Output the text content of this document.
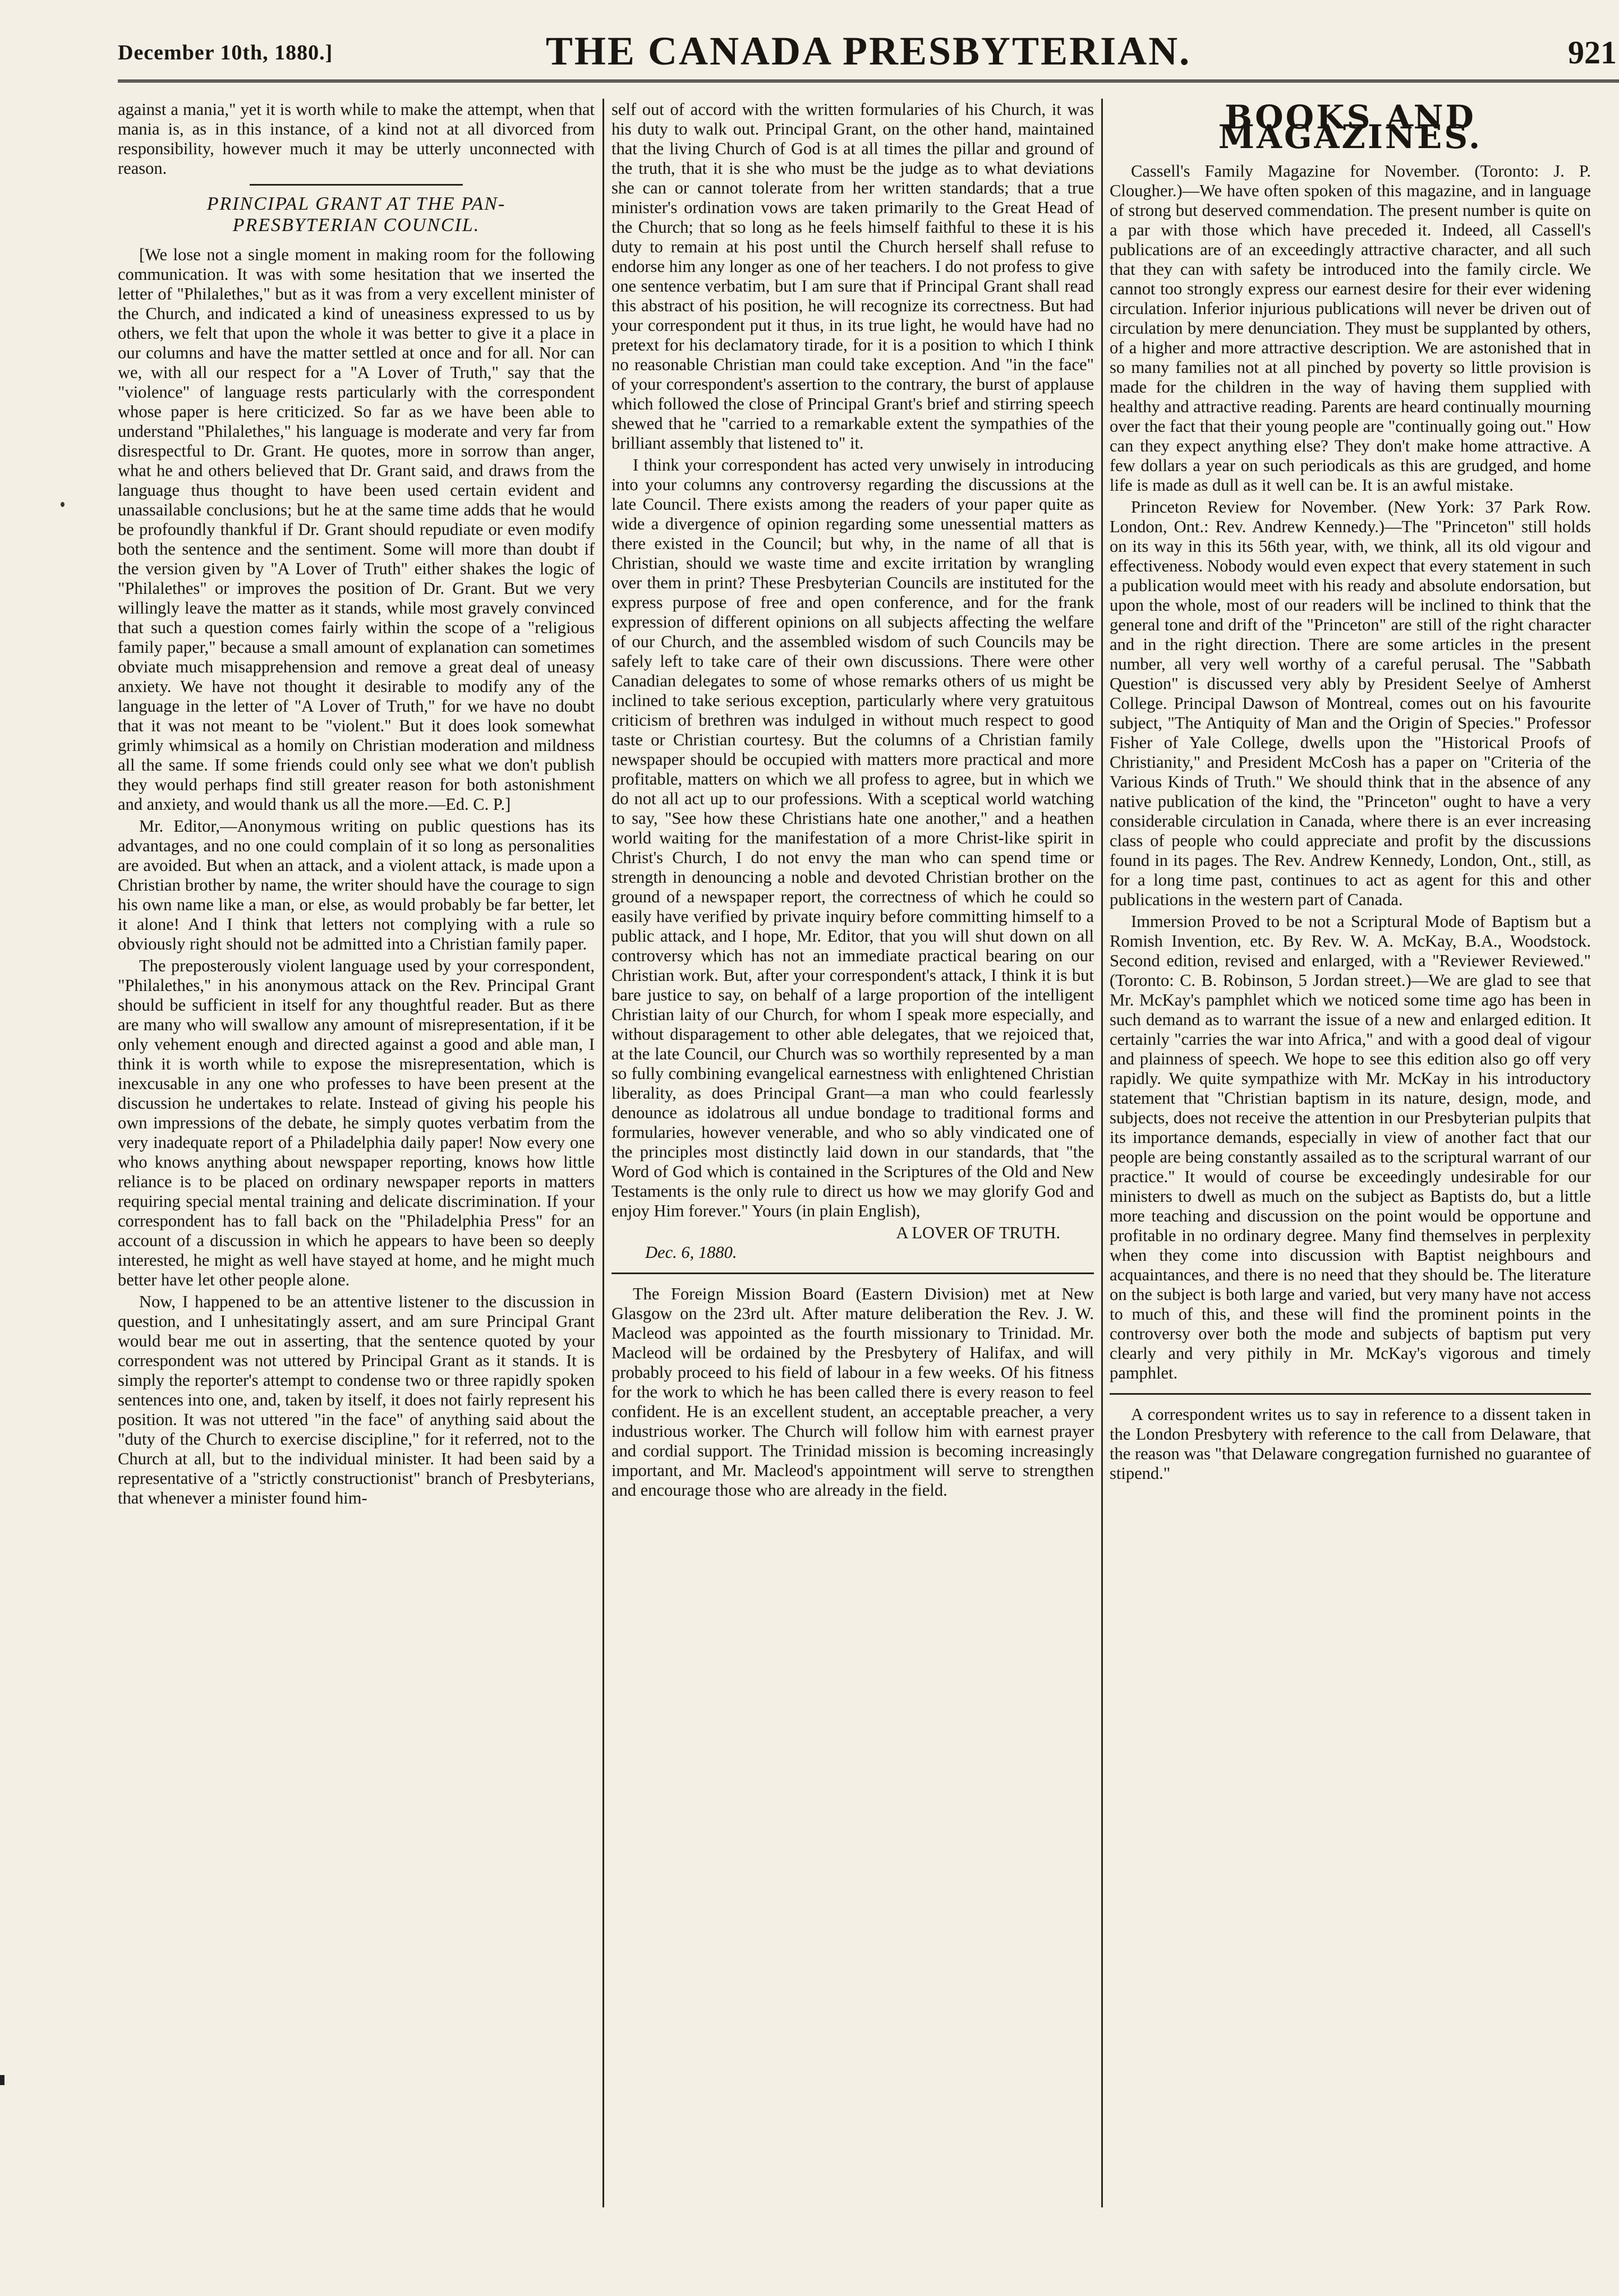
December 10th, 1880.]	THE CANADA PRESBYTERIAN.	921

against a mania," yet it is worth while to make the attempt, when that mania is, as in this instance, of a kind not at all divorced from responsibility, however much it may be utterly unconnected with reason.

PRINCIPAL GRANT AT THE PAN-PRESBYTERIAN COUNCIL.

[We lose not a single moment in making room for the following communication. It was with some hesitation that we inserted the letter of "Philalethes," but as it was from a very excellent minister of the Church, and indicated a kind of uneasiness expressed to us by others, we felt that upon the whole it was better to give it a place in our columns and have the matter settled at once and for all. Nor can we, with all our respect for a "A Lover of Truth," say that the "violence" of language rests particularly with the correspondent whose paper is here criticized. So far as we have been able to understand "Philalethes," his language is moderate and very far from disrespectful to Dr. Grant. He quotes, more in sorrow than anger, what he and others believed that Dr. Grant said, and draws from the language thus thought to have been used certain evident and unassailable conclusions; but he at the same time adds that he would be profoundly thankful if Dr. Grant should repudiate or even modify both the sentence and the sentiment. Some will more than doubt if the version given by "A Lover of Truth" either shakes the logic of "Philalethes" or improves the position of Dr. Grant. But we very willingly leave the matter as it stands, while most gravely convinced that such a question comes fairly within the scope of a "religious family paper," because a small amount of explanation can sometimes obviate much misapprehension and remove a great deal of uneasy anxiety. We have not thought it desirable to modify any of the language in the letter of "A Lover of Truth," for we have no doubt that it was not meant to be "violent." But it does look somewhat grimly whimsical as a homily on Christian moderation and mildness all the same. If some friends could only see what we don't publish they would perhaps find still greater reason for both astonishment and anxiety, and would thank us all the more.—Ed. C. P.]

Mr. Editor,—Anonymous writing on public questions has its advantages, and no one could complain of it so long as personalities are avoided. But when an attack, and a violent attack, is made upon a Christian brother by name, the writer should have the courage to sign his own name like a man, or else, as would probably be far better, let it alone! And I think that letters not complying with a rule so obviously right should not be admitted into a Christian family paper.

The preposterously violent language used by your correspondent, "Philalethes," in his anonymous attack on the Rev. Principal Grant should be sufficient in itself for any thoughtful reader. But as there are many who will swallow any amount of misrepresentation, if it be only vehement enough and directed against a good and able man, I think it is worth while to expose the misrepresentation, which is inexcusable in any one who professes to have been present at the discussion he undertakes to relate. Instead of giving his people his own impressions of the debate, he simply quotes verbatim from the very inadequate report of a Philadelphia daily paper! Now every one who knows anything about newspaper reporting, knows how little reliance is to be placed on ordinary newspaper reports in matters requiring special mental training and delicate discrimination. If your correspondent has to fall back on the "Philadelphia Press" for an account of a discussion in which he appears to have been so deeply interested, he might as well have stayed at home, and he might much better have let other people alone.

Now, I happened to be an attentive listener to the discussion in question, and I unhesitatingly assert, and am sure Principal Grant would bear me out in asserting, that the sentence quoted by your correspondent was not uttered by Principal Grant as it stands. It is simply the reporter's attempt to condense two or three rapidly spoken sentences into one, and, taken by itself, it does not fairly represent his position. It was not uttered "in the face" of anything said about the "duty of the Church to exercise discipline," for it referred, not to the Church at all, but to the individual minister. It had been said by a representative of a "strictly constructionist" branch of Presbyterians, that whenever a minister found him-

self out of accord with the written formularies of his Church, it was his duty to walk out. Principal Grant, on the other hand, maintained that the living Church of God is at all times the pillar and ground of the truth, that it is she who must be the judge as to what deviations she can or cannot tolerate from her written standards; that a true minister's ordination vows are taken primarily to the Great Head of the Church; that so long as he feels himself faithful to these it is his duty to remain at his post until the Church herself shall refuse to endorse him any longer as one of her teachers. I do not profess to give one sentence verbatim, but I am sure that if Principal Grant shall read this abstract of his position, he will recognize its correctness. But had your correspondent put it thus, in its true light, he would have had no pretext for his declamatory tirade, for it is a position to which I think no reasonable Christian man could take exception. And "in the face" of your correspondent's assertion to the contrary, the burst of applause which followed the close of Principal Grant's brief and stirring speech shewed that he "carried to a remarkable extent the sympathies of the brilliant assembly that listened to" it.

I think your correspondent has acted very unwisely in introducing into your columns any controversy regarding the discussions at the late Council. There exists among the readers of your paper quite as wide a divergence of opinion regarding some unessential matters as there existed in the Council; but why, in the name of all that is Christian, should we waste time and excite irritation by wrangling over them in print? These Presbyterian Councils are instituted for the express purpose of free and open conference, and for the frank expression of different opinions on all subjects affecting the welfare of our Church, and the assembled wisdom of such Councils may be safely left to take care of their own discussions. There were other Canadian delegates to some of whose remarks others of us might be inclined to take serious exception, particularly where very gratuitous criticism of brethren was indulged in without much respect to good taste or Christian courtesy. But the columns of a Christian family newspaper should be occupied with matters more practical and more profitable, matters on which we all profess to agree, but in which we do not all act up to our professions. With a sceptical world watching to say, "See how these Christians hate one another," and a heathen world waiting for the manifestation of a more Christ-like spirit in Christ's Church, I do not envy the man who can spend time or strength in denouncing a noble and devoted Christian brother on the ground of a newspaper report, the correctness of which he could so easily have verified by private inquiry before committing himself to a public attack, and I hope, Mr. Editor, that you will shut down on all controversy which has not an immediate practical bearing on our Christian work. But, after your correspondent's attack, I think it is but bare justice to say, on behalf of a large proportion of the intelligent Christian laity of our Church, for whom I speak more especially, and without disparagement to other able delegates, that we rejoiced that, at the late Council, our Church was so worthily represented by a man so fully combining evangelical earnestness with enlightened Christian liberality, as does Principal Grant—a man who could fearlessly denounce as idolatrous all undue bondage to traditional forms and formularies, however venerable, and who so ably vindicated one of the principles most distinctly laid down in our standards, that "the Word of God which is contained in the Scriptures of the Old and New Testaments is the only rule to direct us how we may glorify God and enjoy Him forever." Yours (in plain English),

A LOVER OF TRUTH.
Dec. 6, 1880.

The Foreign Mission Board (Eastern Division) met at New Glasgow on the 23rd ult. After mature deliberation the Rev. J. W. Macleod was appointed as the fourth missionary to Trinidad. Mr. Macleod will be ordained by the Presbytery of Halifax, and will probably proceed to his field of labour in a few weeks. Of his fitness for the work to which he has been called there is every reason to feel confident. He is an excellent student, an acceptable preacher, a very industrious worker. The Church will follow him with earnest prayer and cordial support. The Trinidad mission is becoming increasingly important, and Mr. Macleod's appointment will serve to strengthen and encourage those who are already in the field.

BOOKS AND MAGAZINES.

Cassell's Family Magazine for November. (Toronto: J. P. Clougher.)—We have often spoken of this magazine, and in language of strong but deserved commendation. The present number is quite on a par with those which have preceded it. Indeed, all Cassell's publications are of an exceedingly attractive character, and all such that they can with safety be introduced into the family circle. We cannot too strongly express our earnest desire for their ever widening circulation. Inferior injurious publications will never be driven out of circulation by mere denunciation. They must be supplanted by others, of a higher and more attractive description. We are astonished that in so many families not at all pinched by poverty so little provision is made for the children in the way of having them supplied with healthy and attractive reading. Parents are heard continually mourning over the fact that their young people are "continually going out." How can they expect anything else? They don't make home attractive. A few dollars a year on such periodicals as this are grudged, and home life is made as dull as it well can be. It is an awful mistake.

Princeton Review for November. (New York: 37 Park Row. London, Ont.: Rev. Andrew Kennedy.)—The "Princeton" still holds on its way in this its 56th year, with, we think, all its old vigour and effectiveness. Nobody would even expect that every statement in such a publication would meet with his ready and absolute endorsation, but upon the whole, most of our readers will be inclined to think that the general tone and drift of the "Princeton" are still of the right character and in the right direction. There are some articles in the present number, all very well worthy of a careful perusal. The "Sabbath Question" is discussed very ably by President Seelye of Amherst College. Principal Dawson of Montreal, comes out on his favourite subject, "The Antiquity of Man and the Origin of Species." Professor Fisher of Yale College, dwells upon the "Historical Proofs of Christianity," and President McCosh has a paper on "Criteria of the Various Kinds of Truth." We should think that in the absence of any native publication of the kind, the "Princeton" ought to have a very considerable circulation in Canada, where there is an ever increasing class of people who could appreciate and profit by the discussions found in its pages. The Rev. Andrew Kennedy, London, Ont., still, as for a long time past, continues to act as agent for this and other publications in the western part of Canada.

Immersion Proved to be not a Scriptural Mode of Baptism but a Romish Invention, etc. By Rev. W. A. McKay, B.A., Woodstock. Second edition, revised and enlarged, with a "Reviewer Reviewed." (Toronto: C. B. Robinson, 5 Jordan street.)—We are glad to see that Mr. McKay's pamphlet which we noticed some time ago has been in such demand as to warrant the issue of a new and enlarged edition. It certainly "carries the war into Africa," and with a good deal of vigour and plainness of speech. We hope to see this edition also go off very rapidly. We quite sympathize with Mr. McKay in his introductory statement that "Christian baptism in its nature, design, mode, and subjects, does not receive the attention in our Presbyterian pulpits that its importance demands, especially in view of another fact that our people are being constantly assailed as to the scriptural warrant of our practice." It would of course be exceedingly undesirable for our ministers to dwell as much on the subject as Baptists do, but a little more teaching and discussion on the point would be opportune and profitable in no ordinary degree. Many find themselves in perplexity when they come into discussion with Baptist neighbours and acquaintances, and there is no need that they should be. The literature on the subject is both large and varied, but very many have not access to much of this, and these will find the prominent points in the controversy over both the mode and subjects of baptism put very clearly and very pithily in Mr. McKay's vigorous and timely pamphlet.

A correspondent writes us to say in reference to a dissent taken in the London Presbytery with reference to the call from Delaware, that the reason was "that Delaware congregation furnished no guarantee of stipend."
